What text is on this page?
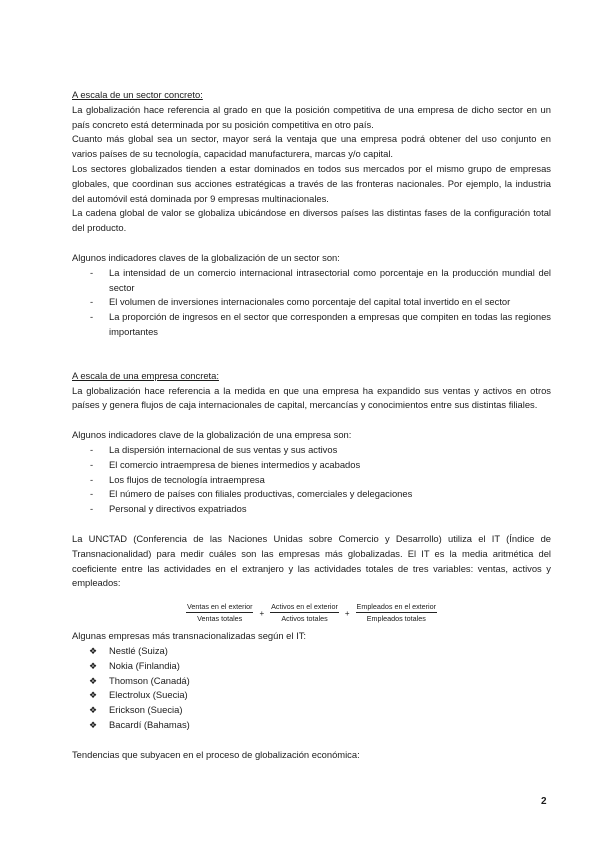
A escala de un sector concreto:

La globalización hace referencia al grado en que la posición competitiva de una empresa de dicho sector en un país concreto está determinada por su posición competitiva en otro país.

Cuanto más global sea un sector, mayor será la ventaja que una empresa podrá obtener del uso conjunto en varios países de su tecnología, capacidad manufacturera, marcas y/o capital.

Los sectores globalizados tienden a estar dominados en todos sus mercados por el mismo grupo de empresas globales, que coordinan sus acciones estratégicas a través de las fronteras nacionales. Por ejemplo, la industria del automóvil está dominada por 9 empresas multinacionales.

La cadena global de valor se globaliza ubicándose en diversos países las distintas fases de la configuración total del producto.

Algunos indicadores claves de la globalización de un sector son:

- La intensidad de un comercio internacional intrasectorial como porcentaje en la producción mundial del sector
- El volumen de inversiones internacionales como porcentaje del capital total invertido en el sector
- La proporción de ingresos en el sector que corresponden a empresas que compiten en todas las regiones importantes

A escala de una empresa concreta:

La globalización hace referencia a la medida en que una empresa ha expandido sus ventas y activos en otros países y genera flujos de caja internacionales de capital, mercancías y conocimientos entre sus distintas filiales.

Algunos indicadores clave de la globalización de una empresa son:

- La dispersión internacional de sus ventas y sus activos
- El comercio intraempresa de bienes intermedios y acabados
- Los flujos de tecnología intraempresa
- El número de países con filiales productivas, comerciales y delegaciones
- Personal y directivos expatriados

La UNCTAD (Conferencia de las Naciones Unidas sobre Comercio y Desarrollo) utiliza el IT (Índice de Transnacionalidad) para medir cuáles son las empresas más globalizadas. El IT es la media aritmética del coeficiente entre las actividades en el extranjero y las actividades totales de tres variables: ventas, activos y empleados:

$\frac{\text{Ventas en el exterior}}{\text{Ventas totales}} + \frac{\text{Activos en el exterior}}{\text{Activos totales}} + \frac{\text{Empleados en el exterior}}{\text{Empleados totales}}$

Algunas empresas más transnacionalizadas según el IT:

❖ Nestlé (Suiza)
❖ Nokia (Finlandia)
❖ Thomson (Canadá)
❖ Electrolux (Suecia)
❖ Erickson (Suecia)
❖ Bacardí (Bahamas)

Tendencias que subyacen en el proceso de globalización económica:

2
